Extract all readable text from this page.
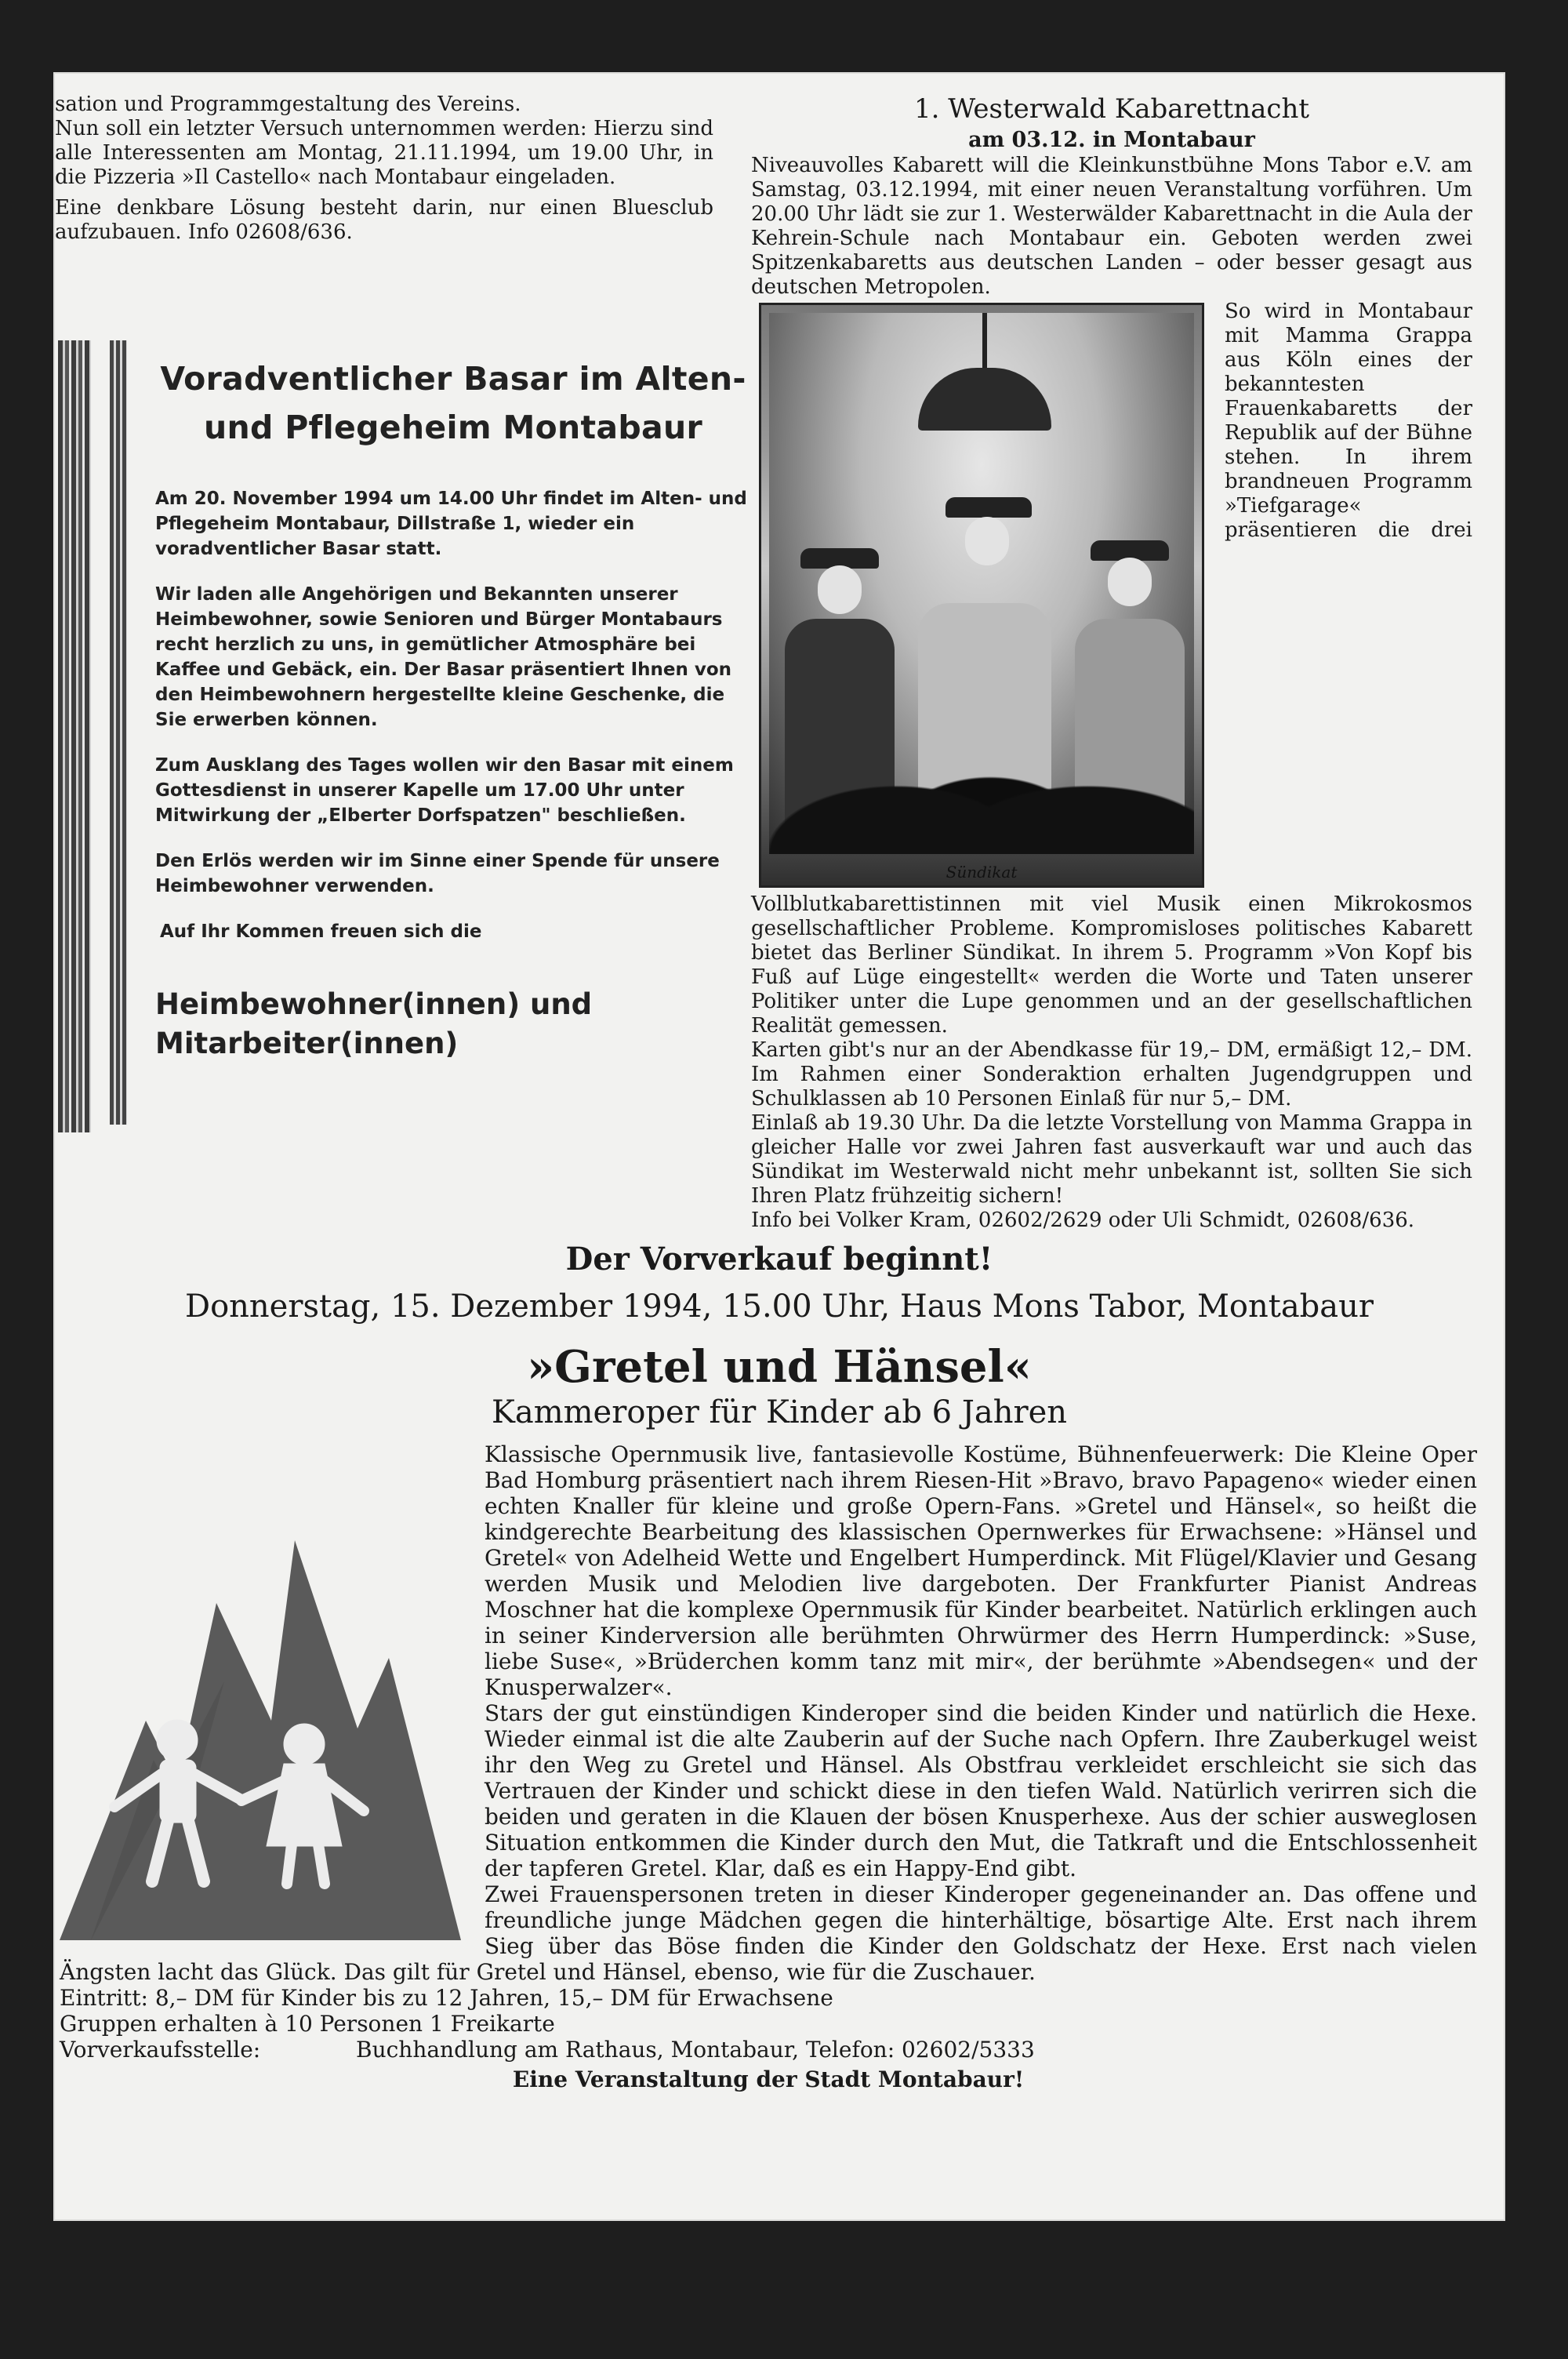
sation und Programmgestaltung des Vereins.

Nun soll ein letzter Versuch unternommen werden: Hierzu sind alle Interessenten am Montag, 21.11.1994, um 19.00 Uhr, in die Pizzeria »Il Castello« nach Montabaur eingeladen.

Eine denkbare Lösung besteht darin, nur einen Bluesclub aufzubauen. Info 02608/636.

Voradventlicher Basar im Alten- und Pflegeheim Montabaur

Am 20. November 1994 um 14.00 Uhr findet im Alten- und Pflegeheim Montabaur, Dillstraße 1, wieder ein voradventlicher Basar statt.

Wir laden alle Angehörigen und Bekannten unserer Heimbewohner, sowie Senioren und Bürger Montabaurs recht herzlich zu uns, in gemütlicher Atmosphäre bei Kaffee und Gebäck, ein. Der Basar präsentiert Ihnen von den Heimbewohnern hergestellte kleine Geschenke, die Sie erwerben können.

Zum Ausklang des Tages wollen wir den Basar mit einem Gottesdienst in unserer Kapelle um 17.00 Uhr unter Mitwirkung der „Elberter Dorfspatzen" beschließen.

Den Erlös werden wir im Sinne einer Spende für unsere Heimbewohner verwenden.

Auf Ihr Kommen freuen sich die

Heimbewohner(innen) und Mitarbeiter(innen)

1. Westerwald Kabarettnacht

am 03.12. in Montabaur

Niveauvolles Kabarett will die Kleinkunstbühne Mons Tabor e.V. am Samstag, 03.12.1994, mit einer neuen Veranstaltung vorführen. Um 20.00 Uhr lädt sie zur 1. Westerwälder Kabarettnacht in die Aula der Kehrein-Schule nach Montabaur ein. Geboten werden zwei Spitzenkabaretts aus deutschen Landen – oder besser gesagt aus deutschen Metropolen.

Sündikat

So wird in Montabaur mit Mamma Grappa aus Köln eines der bekanntesten Frauenkabaretts der Republik auf der Bühne stehen. In ihrem brandneuen Programm »Tiefgarage« präsentieren die drei Vollblutkabarettistinnen mit viel Musik einen Mikrokosmos gesellschaftlicher Probleme. Kompromisloses politisches Kabarett bietet das Berliner Sündikat. In ihrem 5. Programm »Von Kopf bis Fuß auf Lüge eingestellt« werden die Worte und Taten unserer Politiker unter die Lupe genommen und an der gesellschaftlichen Realität gemessen.

Karten gibt's nur an der Abendkasse für 19,– DM, ermäßigt 12,– DM. Im Rahmen einer Sonderaktion erhalten Jugendgruppen und Schulklassen ab 10 Personen Einlaß für nur 5,– DM.

Einlaß ab 19.30 Uhr. Da die letzte Vorstellung von Mamma Grappa in gleicher Halle vor zwei Jahren fast ausverkauft war und auch das Sündikat im Westerwald nicht mehr unbekannt ist, sollten Sie sich Ihren Platz frühzeitig sichern!

Info bei Volker Kram, 02602/2629 oder Uli Schmidt, 02608/636.

Der Vorverkauf beginnt!

Donnerstag, 15. Dezember 1994, 15.00 Uhr, Haus Mons Tabor, Montabaur

»Gretel und Hänsel«

Kammeroper für Kinder ab 6 Jahren

Klassische Opernmusik live, fantasievolle Kostüme, Bühnenfeuerwerk: Die Kleine Oper Bad Homburg präsentiert nach ihrem Riesen-Hit »Bravo, bravo Papageno« wieder einen echten Knaller für kleine und große Opern-Fans. »Gretel und Hänsel«, so heißt die kindgerechte Bearbeitung des klassischen Opernwerkes für Erwachsene: »Hänsel und Gretel« von Adelheid Wette und Engelbert Humperdinck. Mit Flügel/Klavier und Gesang werden Musik und Melodien live dargeboten. Der Frankfurter Pianist Andreas Moschner hat die komplexe Opernmusik für Kinder bearbeitet. Natürlich erklingen auch in seiner Kinderversion alle berühmten Ohrwürmer des Herrn Humperdinck: »Suse, liebe Suse«, »Brüderchen komm tanz mit mir«, der berühmte »Abendsegen« und der Knusperwalzer«.

Stars der gut einstündigen Kinderoper sind die beiden Kinder und natürlich die Hexe. Wieder einmal ist die alte Zauberin auf der Suche nach Opfern. Ihre Zauberkugel weist ihr den Weg zu Gretel und Hänsel. Als Obstfrau verkleidet erschleicht sie sich das Vertrauen der Kinder und schickt diese in den tiefen Wald. Natürlich verirren sich die beiden und geraten in die Klauen der bösen Knusperhexe. Aus der schier ausweglosen Situation entkommen die Kinder durch den Mut, die Tatkraft und die Entschlossenheit der tapferen Gretel. Klar, daß es ein Happy-End gibt.

Zwei Frauenspersonen treten in dieser Kinderoper gegeneinander an. Das offene und freundliche junge Mädchen gegen die hinterhältige, bösartige Alte. Erst nach ihrem Sieg über das Böse finden die Kinder den Goldschatz der Hexe. Erst nach vielen Ängsten lacht das Glück. Das gilt für Gretel und Hänsel, ebenso, wie für die Zuschauer.

Eintritt: 8,– DM für Kinder bis zu 12 Jahren, 15,– DM für Erwachsene

Gruppen erhalten à 10 Personen 1 Freikarte

Vorverkaufsstelle:	Buchhandlung am Rathaus, Montabaur, Telefon: 02602/5333

Eine Veranstaltung der Stadt Montabaur!
